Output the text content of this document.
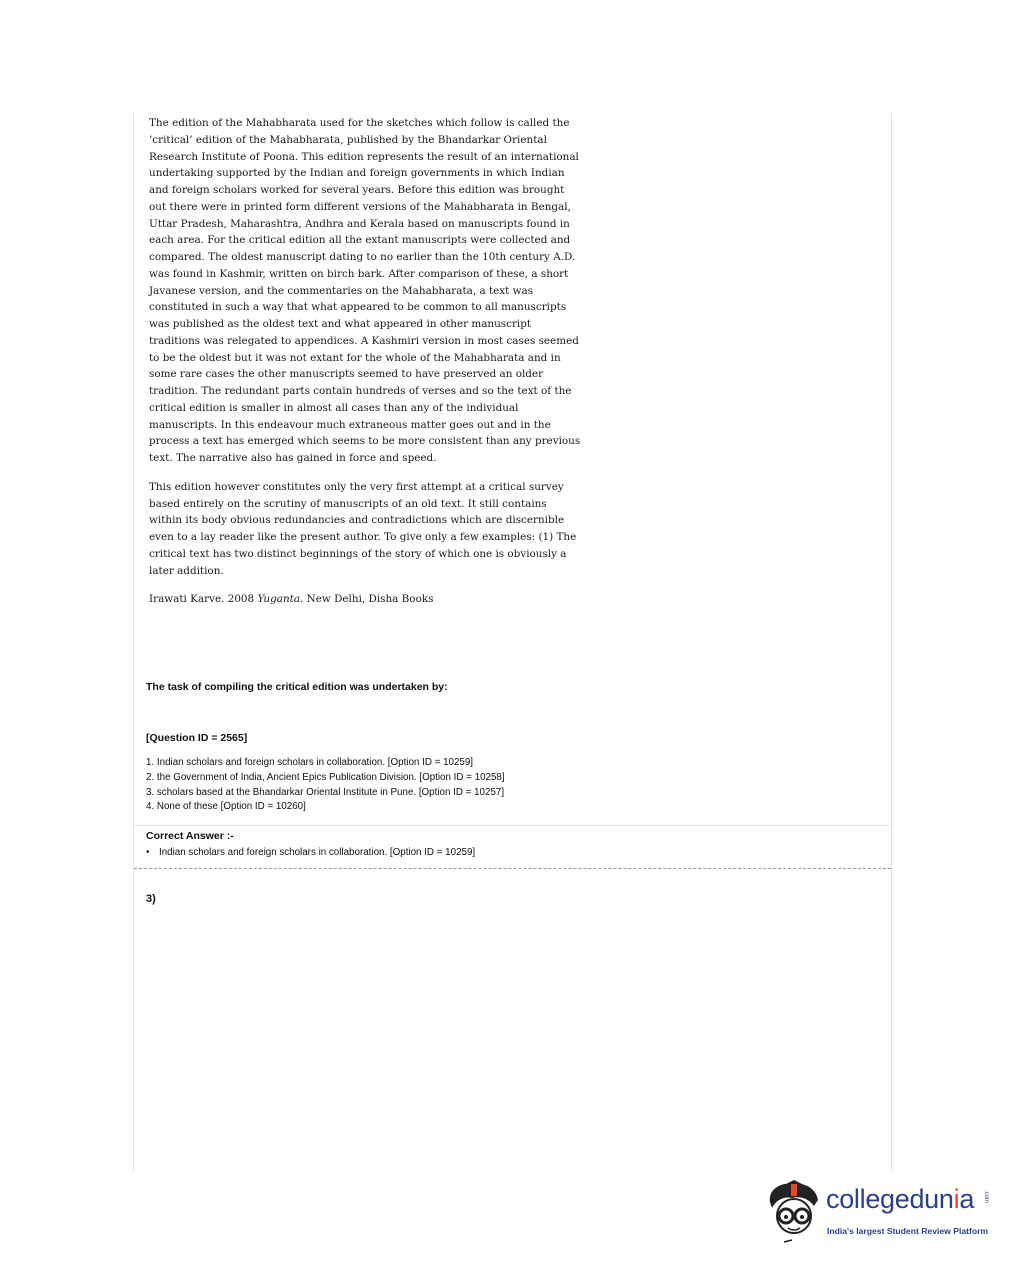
The edition of the Mahabharata used for the sketches which follow is called the ‘critical’ edition of the Mahabharata, published by the Bhandarkar Oriental Research Institute of Poona. This edition represents the result of an international undertaking supported by the Indian and foreign governments in which Indian and foreign scholars worked for several years. Before this edition was brought out there were in printed form different versions of the Mahabharata in Bengal, Uttar Pradesh, Maharashtra, Andhra and Kerala based on manuscripts found in each area. For the critical edition all the extant manuscripts were collected and compared. The oldest manuscript dating to no earlier than the 10th century A.D. was found in Kashmir, written on birch bark. After comparison of these, a short Javanese version, and the commentaries on the Mahabharata, a text was constituted in such a way that what appeared to be common to all manuscripts was published as the oldest text and what appeared in other manuscript traditions was relegated to appendices. A Kashmiri version in most cases seemed to be the oldest but it was not extant for the whole of the Mahabharata and in some rare cases the other manuscripts seemed to have preserved an older tradition. The redundant parts contain hundreds of verses and so the text of the critical edition is smaller in almost all cases than any of the individual manuscripts. In this endeavour much extraneous matter goes out and in the process a text has emerged which seems to be more consistent than any previous text. The narrative also has gained in force and speed.

This edition however constitutes only the very first attempt at a critical survey based entirely on the scrutiny of manuscripts of an old text. It still contains within its body obvious redundancies and contradictions which are discernible even to a lay reader like the present author. To give only a few examples: (1) The critical text has two distinct beginnings of the story of which one is obviously a later addition.

Irawati Karve. 2008 Yuganta. New Delhi, Disha Books

The task of compiling the critical edition was undertaken by:
[Question ID = 2565]
1. Indian scholars and foreign scholars in collaboration. [Option ID = 10259]
2. the Government of India, Ancient Epics Publication Division. [Option ID = 10258]
3. scholars based at the Bhandarkar Oriental Institute in Pune. [Option ID = 10257]
4. None of these [Option ID = 10260]
Correct Answer :-
• Indian scholars and foreign scholars in collaboration. [Option ID = 10259]
3)
collegedunia .com
India's largest Student Review Platform
